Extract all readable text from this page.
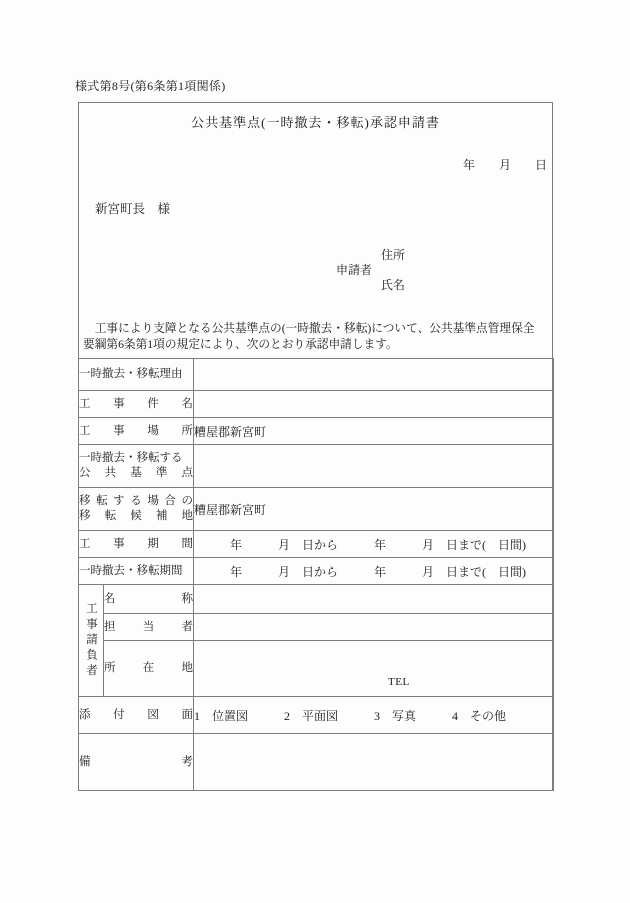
様式第8号(第6条第1項関係)
公共基準点(一時撤去・移転)承認申請書
年　　月　　日
新宮町長　様
住所
申請者
氏名
　工事により支障となる公共基準点の(一時撤去・移転)について、公共基準点管理保全
要綱第6条第1項の規定により、次のとおり承認申請します。
一時撤去・移転理由		
工事件名		
工事場所		糟屋郡新宮町

一時撤去・移転する
公共基準点		

移転する場合の
移転候補地		糟屋郡新宮町
工事期間		　　　年　　　月　日から　　　年　　　月　日まで(　日間)
一時撤去・移転期間		　　　年　　　月　日から　　　年　　　月　日まで(　日間)

工事請負者	名称	
	担当者	
	所在地	TEL

添付図面		1　位置図　　　2　平面図　　　3　写真　　　4　その他
備考		
